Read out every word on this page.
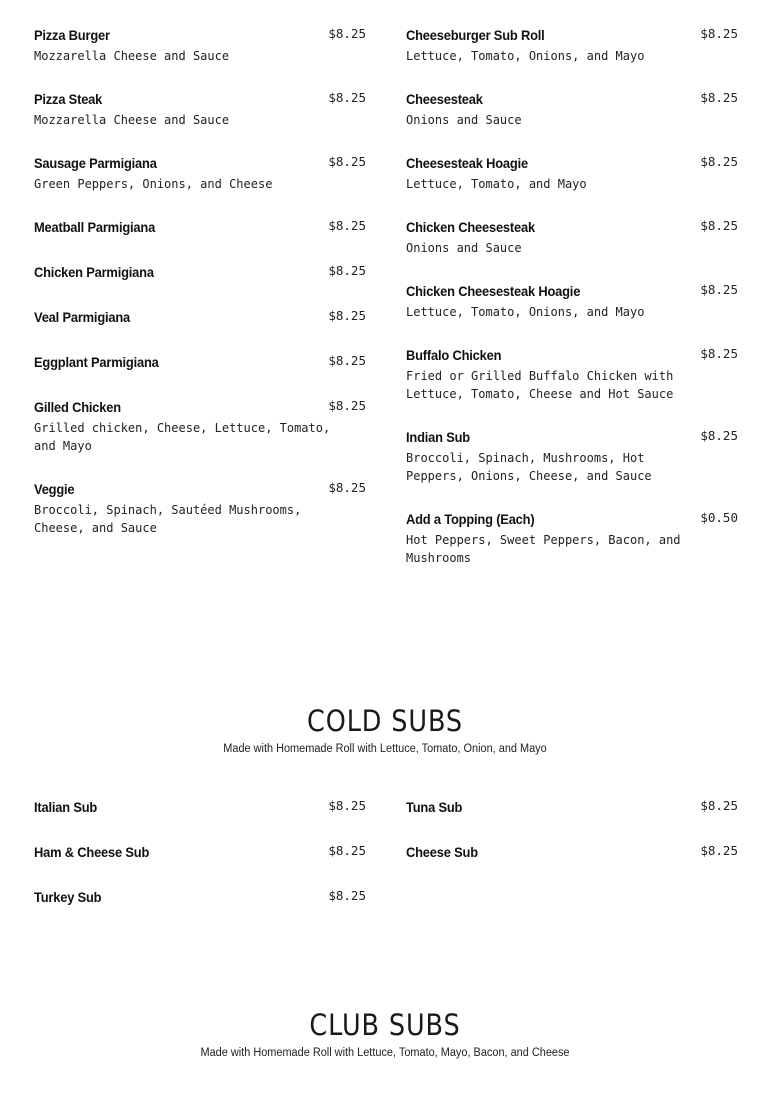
Pizza Burger	$8.25
Mozzarella Cheese and Sauce
Pizza Steak	$8.25
Mozzarella Cheese and Sauce
Sausage Parmigiana	$8.25
Green Peppers, Onions, and Cheese
Meatball Parmigiana	$8.25
Chicken Parmigiana	$8.25
Veal Parmigiana	$8.25
Eggplant Parmigiana	$8.25
Gilled Chicken	$8.25
Grilled chicken, Cheese, Lettuce, Tomato, and Mayo
Veggie	$8.25
Broccoli, Spinach, Sautéed Mushrooms, Cheese, and Sauce
Cheeseburger Sub Roll	$8.25
Lettuce, Tomato, Onions, and Mayo
Cheesesteak	$8.25
Onions and Sauce
Cheesesteak Hoagie	$8.25
Lettuce, Tomato, and Mayo
Chicken Cheesesteak	$8.25
Onions and Sauce
Chicken Cheesesteak Hoagie	$8.25
Lettuce, Tomato, Onions, and Mayo
Buffalo Chicken	$8.25
Fried or Grilled Buffalo Chicken with Lettuce, Tomato, Cheese and Hot Sauce
Indian Sub	$8.25
Broccoli, Spinach, Mushrooms, Hot Peppers, Onions, Cheese, and Sauce
Add a Topping (Each)	$0.50
Hot Peppers, Sweet Peppers, Bacon, and Mushrooms
COLD SUBS
Made with Homemade Roll with Lettuce, Tomato, Onion, and Mayo
Italian Sub	$8.25
Ham & Cheese Sub	$8.25
Turkey Sub	$8.25
Tuna Sub	$8.25
Cheese Sub	$8.25
CLUB SUBS
Made with Homemade Roll with Lettuce, Tomato, Mayo, Bacon, and Cheese
